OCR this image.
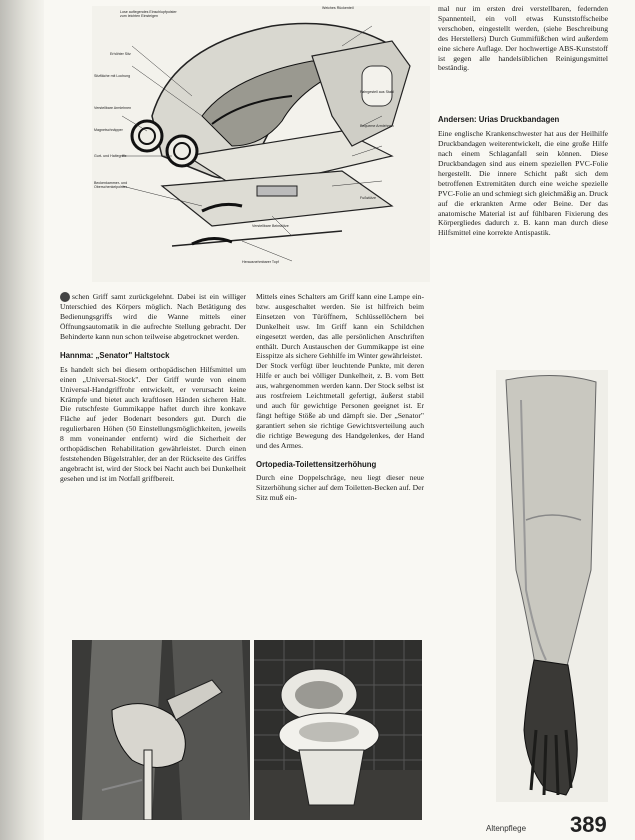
Lose auflegendes Einschlupfpolster zum leichten Einsteigen
Erhöhter Sitz
Sitzfläche mit Lochung
Verstellbare Armlehnen
Magnetschnäpper
Gurt- und Haltegriffe
Beckenkammer- und Oberschenkelpolster
Weiches Rückenteil
Fahrgestell aus Stahl
Bequeme Armlehnen
Fußstütze
Verstellbare Beinstütze
Herausnehmbarer Topf

schen Griff samt zurückgelehnt. Dabei ist ein williger Unterschied des Körpers möglich. Nach Betätigung des Bedienungsgriffs wird die Wanne mittels einer Öffnungsautomatik in die aufrechte Stellung gebracht. Der Behinderte kann nun schon teilweise abgetrocknet werden.

Hannma: „Senator" Haltstock

Es handelt sich bei diesem orthopädischen Hilfsmittel um einen „Universal-Stock". Der Griff wurde von einem Universal-Handgriffrohr entwickelt, er verursacht keine Krämpfe und bietet auch kraftlosen Händen sicheren Halt. Die rutschfeste Gummikappe haftet durch ihre konkave Fläche auf jeder Bodenart besonders gut. Durch die regulierbaren Höhen (50 Einstellungsmöglichkeiten, jeweils 8 mm voneinander entfernt) wird die Sicherheit der orthopädischen Rehabilitation gewährleistet. Durch einen feststehenden Bügelstrahler, der an der Rückseite des Griffes angebracht ist, wird der Stock bei Nacht auch bei Dunkelheit gesehen und ist im Notfall griffbereit.

Mittels eines Schalters am Griff kann eine Lampe ein- bzw. ausgeschaltet werden. Sie ist hilfreich beim Einsetzen von Türöffnern, Schlüssellöchern bei Dunkelheit usw. Im Griff kann ein Schildchen eingesetzt werden, das alle persönlichen Anschriften enthält. Durch Austauschen der Gummikappe ist eine Eisspitze als sichere Gehhilfe im Winter gewährleistet.

Der Stock verfügt über leuchtende Punkte, mit deren Hilfe er auch bei völliger Dunkelheit, z. B. vom Bett aus, wahrgenommen werden kann. Der Stock selbst ist aus rostfreiem Leichtmetall gefertigt, äußerst stabil und auch für gewichtige Personen geeignet ist. Er fängt heftige Stöße ab und dämpft sie. Der „Senator" garantiert sehen sie richtige Gewichtsverteilung auch die richtige Bewegung des Handgelenkes, der Hand und des Armes.

Ortopedia-Toilettensitzerhöhung

Durch eine Doppelschräge, neu liegt dieser neue Sitzerhöhung sicher auf dem Toiletten-Becken auf. Der Sitz muß ein-

mal nur im ersten drei verstellbaren, federnden Spannenteil, ein voll etwas Kunststoffscheibe verschoben, eingestellt werden, (siehe Beschreibung des Herstellers) Durch Gummifüßchen wird außerdem eine sichere Auflage. Der hochwertige ABS-Kunststoff ist gegen alle handelsüblichen Reinigungsmittel beständig.

Andersen: Urias Druckbandagen

Eine englische Krankenschwester hat aus der Heilhilfe Druckbandagen weiterentwickelt, die eine große Hilfe nach einem Schlaganfall sein können. Diese Druckbandagen sind aus einem speziellen PVC-Folie hergestellt. Die innere Schicht paßt sich dem betroffenen Extremitäten durch eine weiche spezielle PVC-Folie an und schmiegt sich gleichmäßig an. Druck auf die erkrankten Arme oder Beine. Der das anatomische Material ist auf fühlbaren Fixierung des Körpergliedes dadurch z. B. kann man durch diese Hilfsmittel eine korrekte Antispastik.

Altenpflege 389
